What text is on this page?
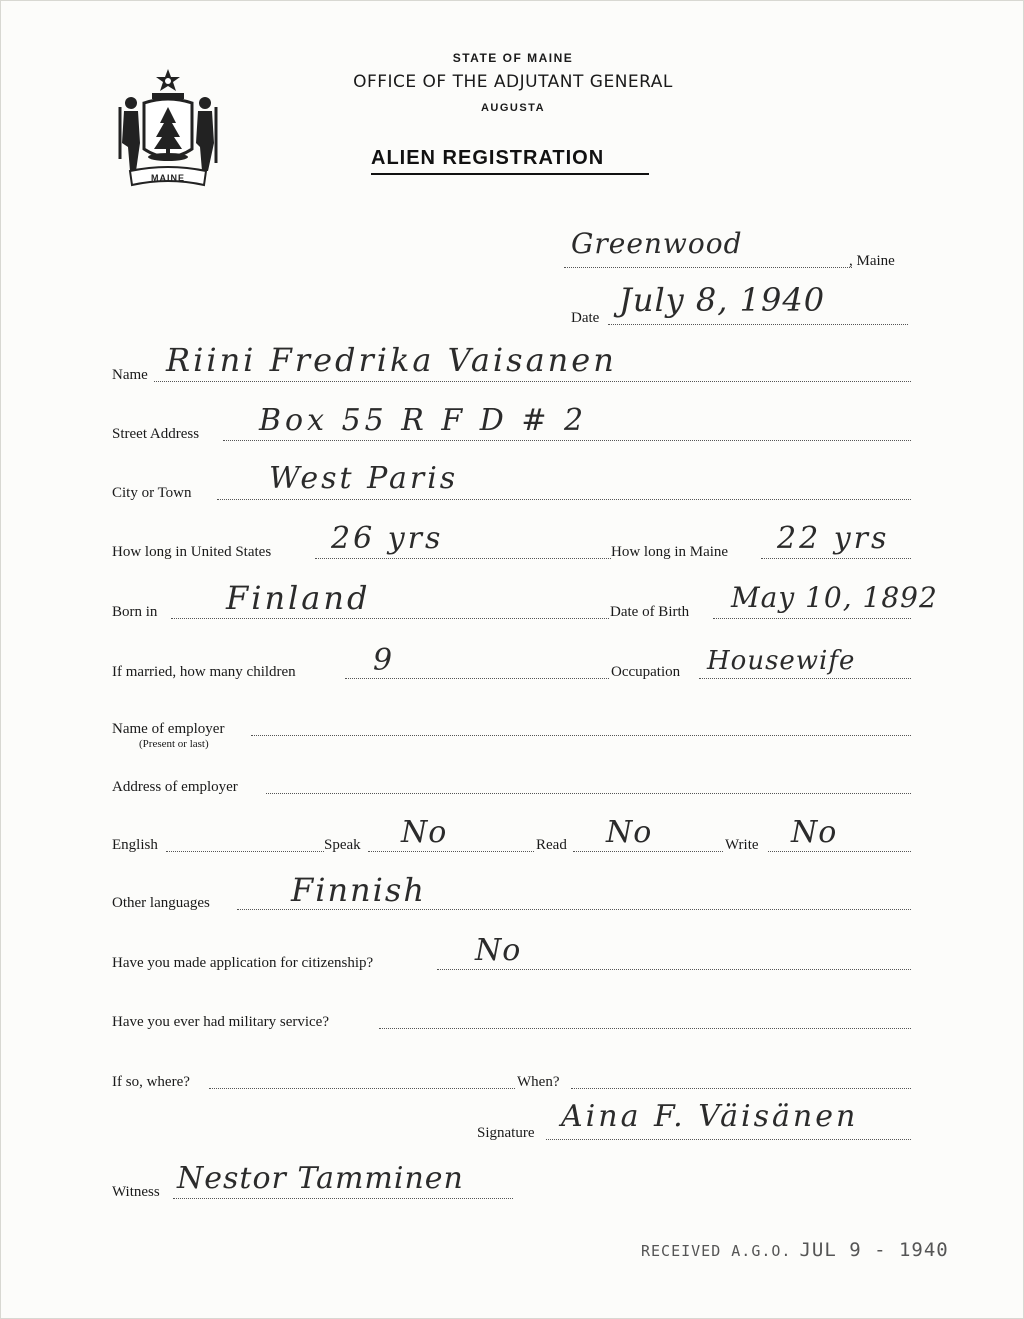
MAINE
STATE OF MAINE
OFFICE OF THE ADJUTANT GENERAL
AUGUSTA
ALIEN REGISTRATION
Greenwood
, Maine
Date July 8, 1940
Name Riini Fredrika Vaisanen
Street Address Box 55 R F D # 2
City or Town	West Paris
How long in United States 26 yrs	How long in Maine 22 yrs
Born in Finland	Date of Birth May 10, 1892
If married, how many children	9	Occupation Housewife
Name of employer
(Present or last)
Address of employer
English	Speak No	Read No	Write No
Other languages	Finnish
Have you made application for citizenship?	No
Have you ever had military service?
If so, where?	When?
Signature Aina F. Väisänen
Witness Nestor Tamminen
RECEIVED A.G.O. JUL 9 - 1940
